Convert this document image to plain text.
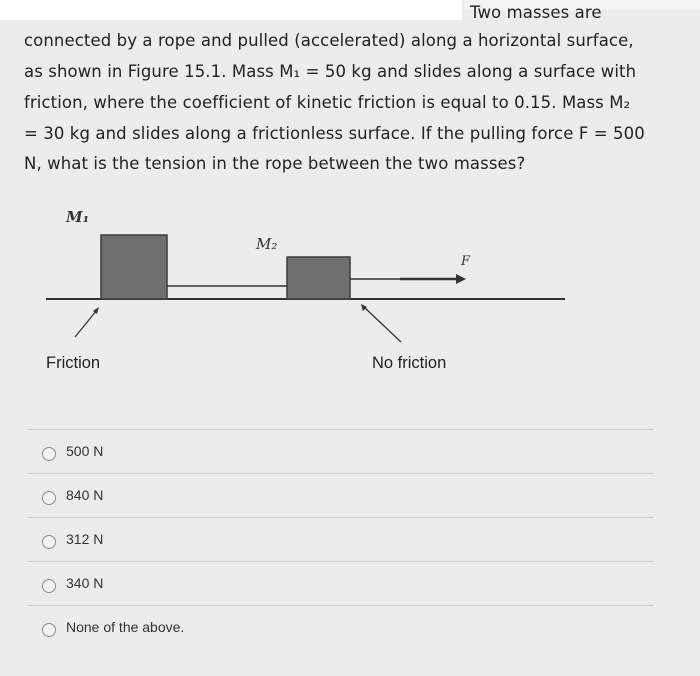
Two masses are
connected by a rope and pulled (accelerated) along a horizontal surface,
as shown in Figure 15.1. Mass M₁ = 50 kg and slides along a surface with
friction, where the coefficient of kinetic friction is equal to 0.15. Mass M₂
= 30 kg and slides along a frictionless surface. If the pulling force F = 500
N, what is the tension in the rope between the two masses?
M₁
M₂
F
Friction	No friction
500 N
840 N
312 N
340 N
None of the above.
